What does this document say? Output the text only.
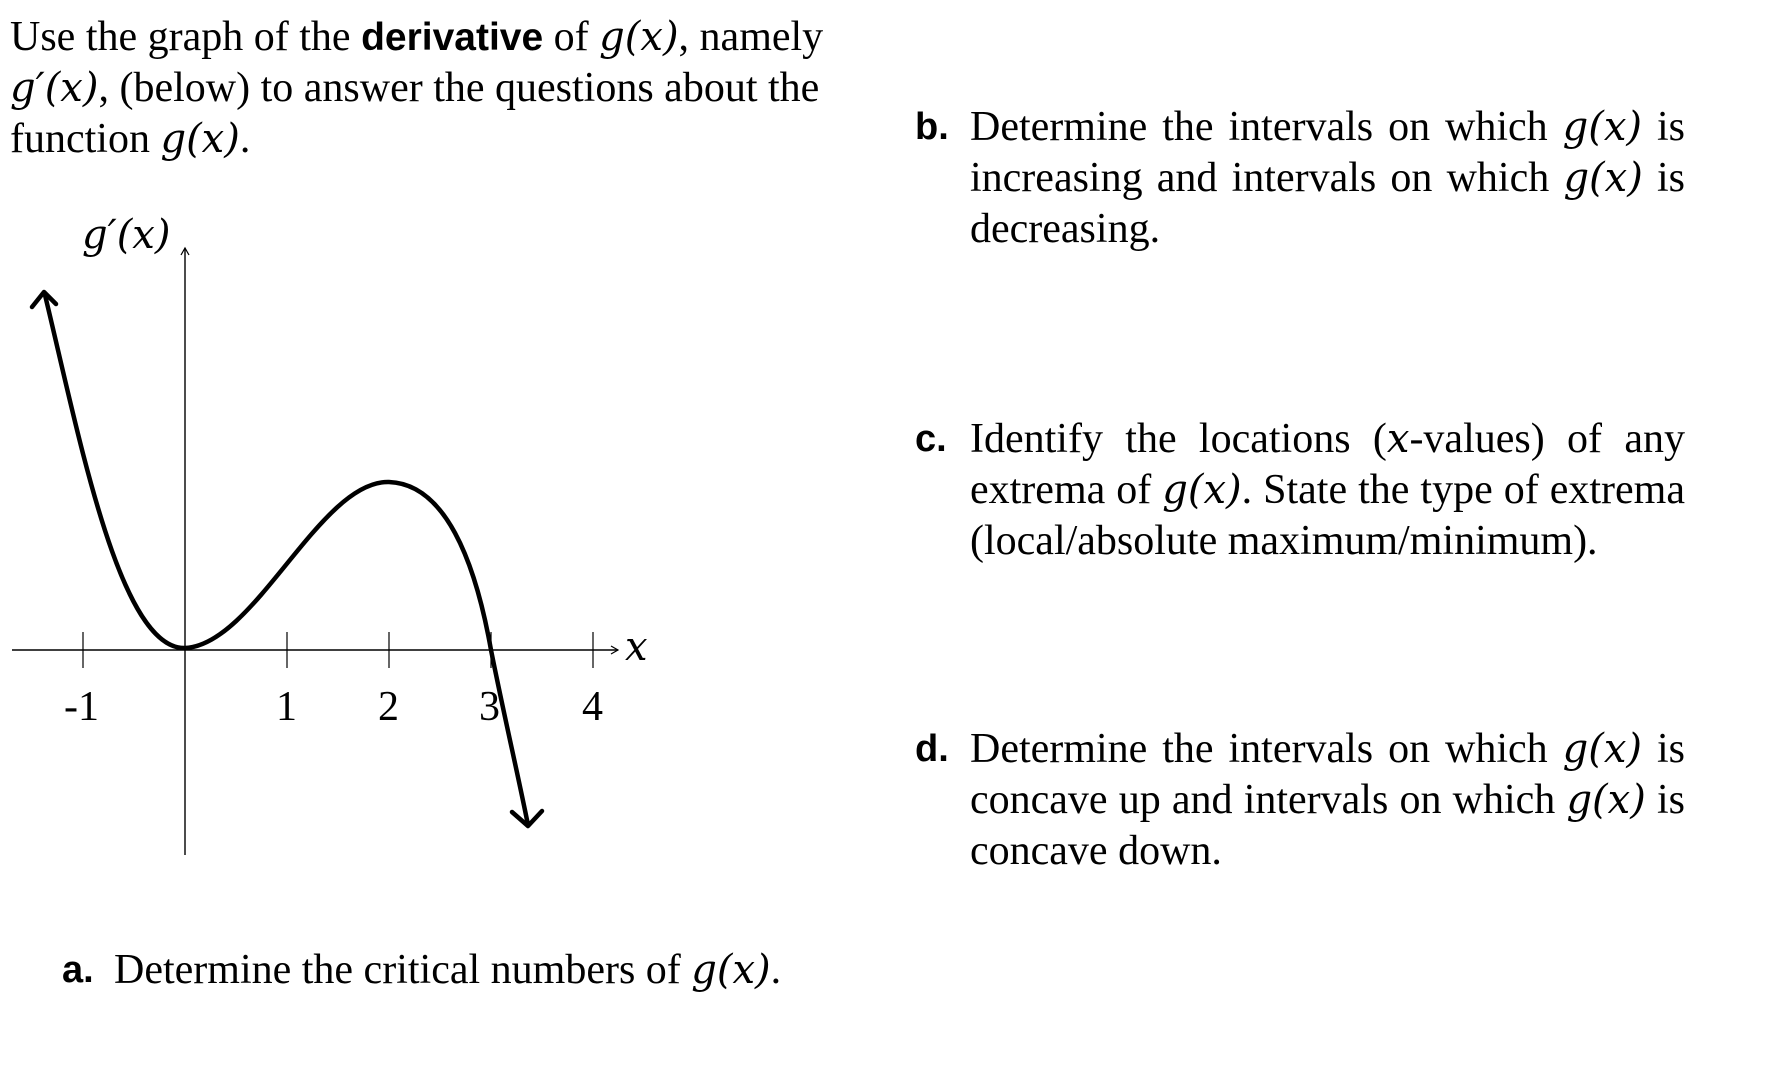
Use the graph of the derivative of g(x), namely g′(x), (below) to answer the questions about the function g(x).

-1	1 2 3 4
g′(x)
x
a. Determine the critical numbers of g(x).
b. Determine the intervals on which g(x) is increasing and intervals on which g(x) is decreasing.
c. Identify the locations (x-values) of any extrema of g(x). State the type of extrema (local/absolute maximum/minimum).
d. Determine the intervals on which g(x) is concave up and intervals on which g(x) is concave down.
